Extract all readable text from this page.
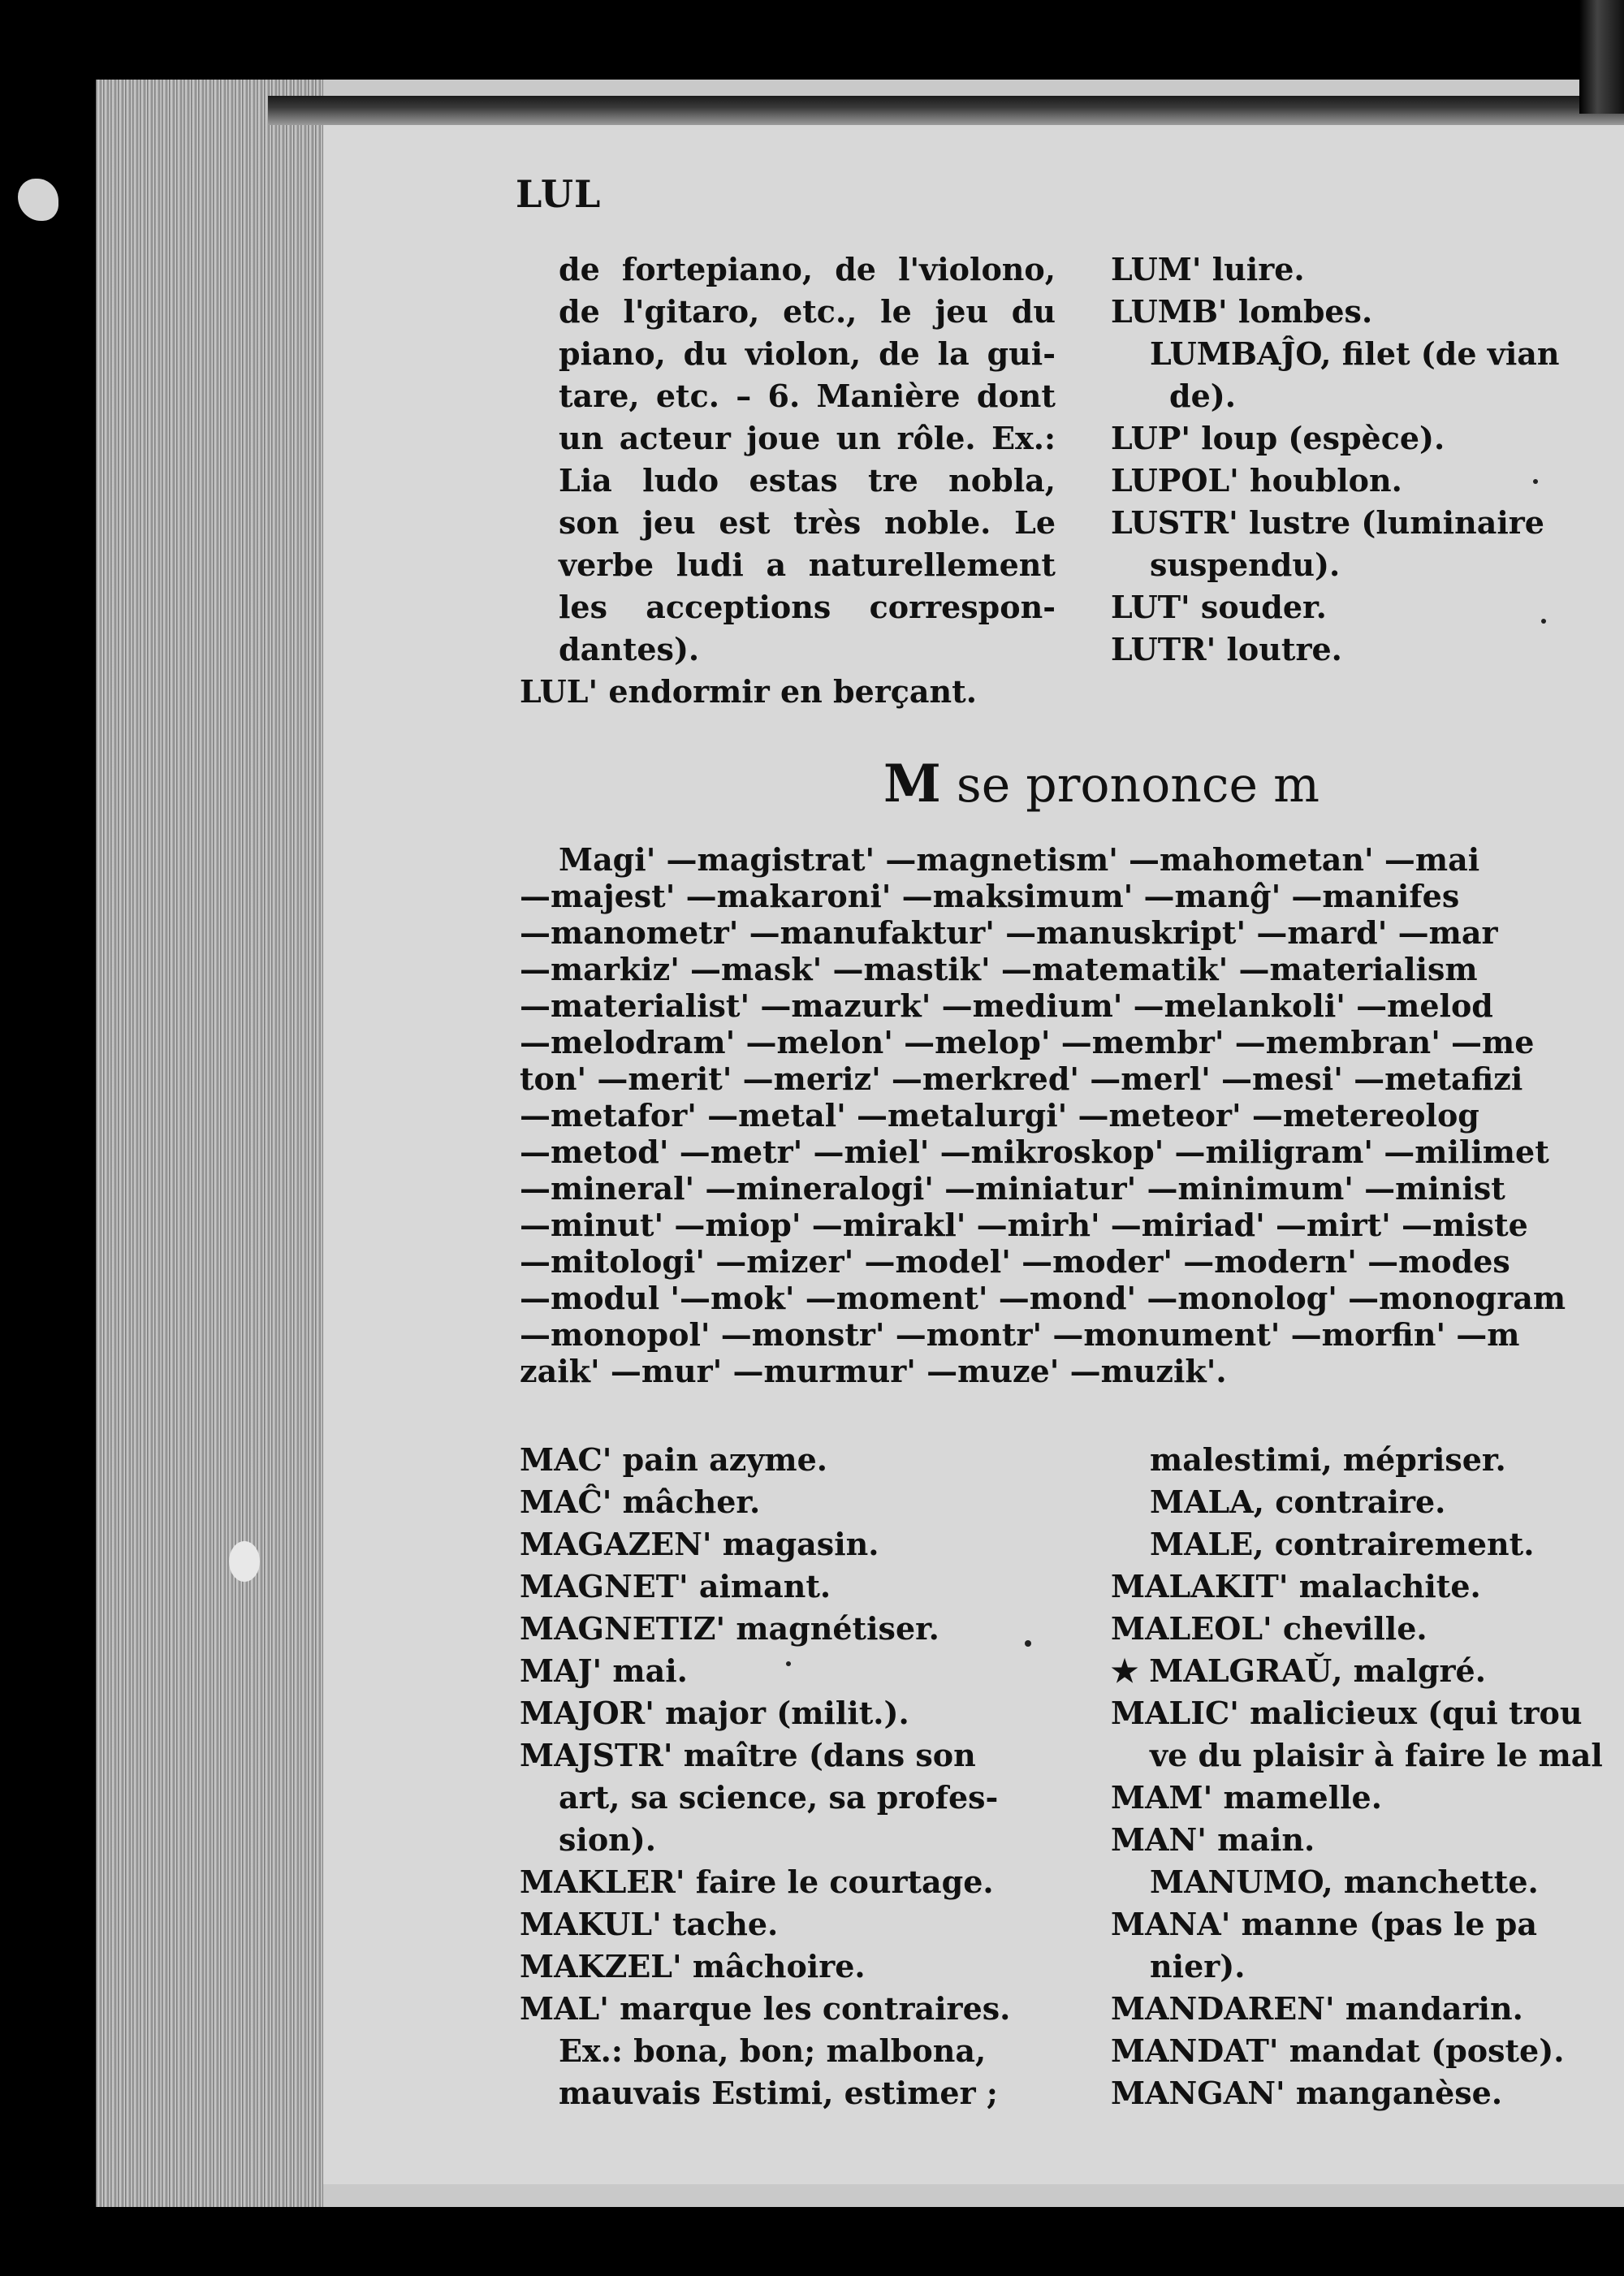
LUL
de fortepiano, de l'violono,
de l'gitaro, etc., le jeu du
piano, du violon, de la gui-
tare, etc. – 6. Manière dont
un acteur joue un rôle. Ex.:
Lia ludo estas tre nobla,
son jeu est très noble. Le
verbe ludi a naturellement
les acceptions correspon-
dantes).
LUL' endormir en berçant.
LUM' luire.
LUMB' lombes.
LUMBAĴO, filet (de vian
de).
LUP' loup (espèce).
LUPOL' houblon.
LUSTR' lustre (luminaire
suspendu).
LUT' souder.
LUTR' loutre.
M se prononce m
Magi' —magistrat' —magnetism' —mahometan' —mai
—majest' —makaroni' —maksimum' —manĝ' —manifes
—manometr' —manufaktur' —manuskript' —mard' —mar
—markiz' —mask' —mastik' —matematik' —materialism
—materialist' —mazurk' —medium' —melankoli' —melod
—melodram' —melon' —melop' —membr' —membran' —me
ton' —merit' —meriz' —merkred' —merl' —mesi' —metafizi
—metafor' —metal' —metalurgi' —meteor' —metereolog
—metod' —metr' —miel' —mikroskop' —miligram' —milimet
—mineral' —mineralogi' —miniatur' —minimum' —minist
—minut' —miop' —mirakl' —mirh' —miriad' —mirt' —miste
—mitologi' —mizer' —model' —moder' —modern' —modes
—modul '—mok' —moment' —mond' —monolog' —monogram
—monopol' —monstr' —montr' —monument' —morfin' —m
zaik' —mur' —murmur' —muze' —muzik'.
MAC' pain azyme.
MAĈ' mâcher.
MAGAZEN' magasin.
MAGNET' aimant.
MAGNETIZ' magnétiser.
MAJ' mai.
MAJOR' major (milit.).
MAJSTR' maître (dans son
art, sa science, sa profes-
sion).
MAKLER' faire le courtage.
MAKUL' tache.
MAKZEL' mâchoire.
MAL' marque les contraires.
Ex.: bona, bon; malbona,
mauvais Estimi, estimer ;
malestimi, mépriser.
MALA, contraire.
MALE, contrairement.
MALAKIT' malachite.
MALEOL' cheville.
★ MALGRAŬ, malgré.
MALIC' malicieux (qui trou
ve du plaisir à faire le mal
MAM' mamelle.
MAN' main.
MANUMO, manchette.
MANA' manne (pas le pa
nier).
MANDAREN' mandarin.
MANDAT' mandat (poste).
MANGAN' manganèse.
